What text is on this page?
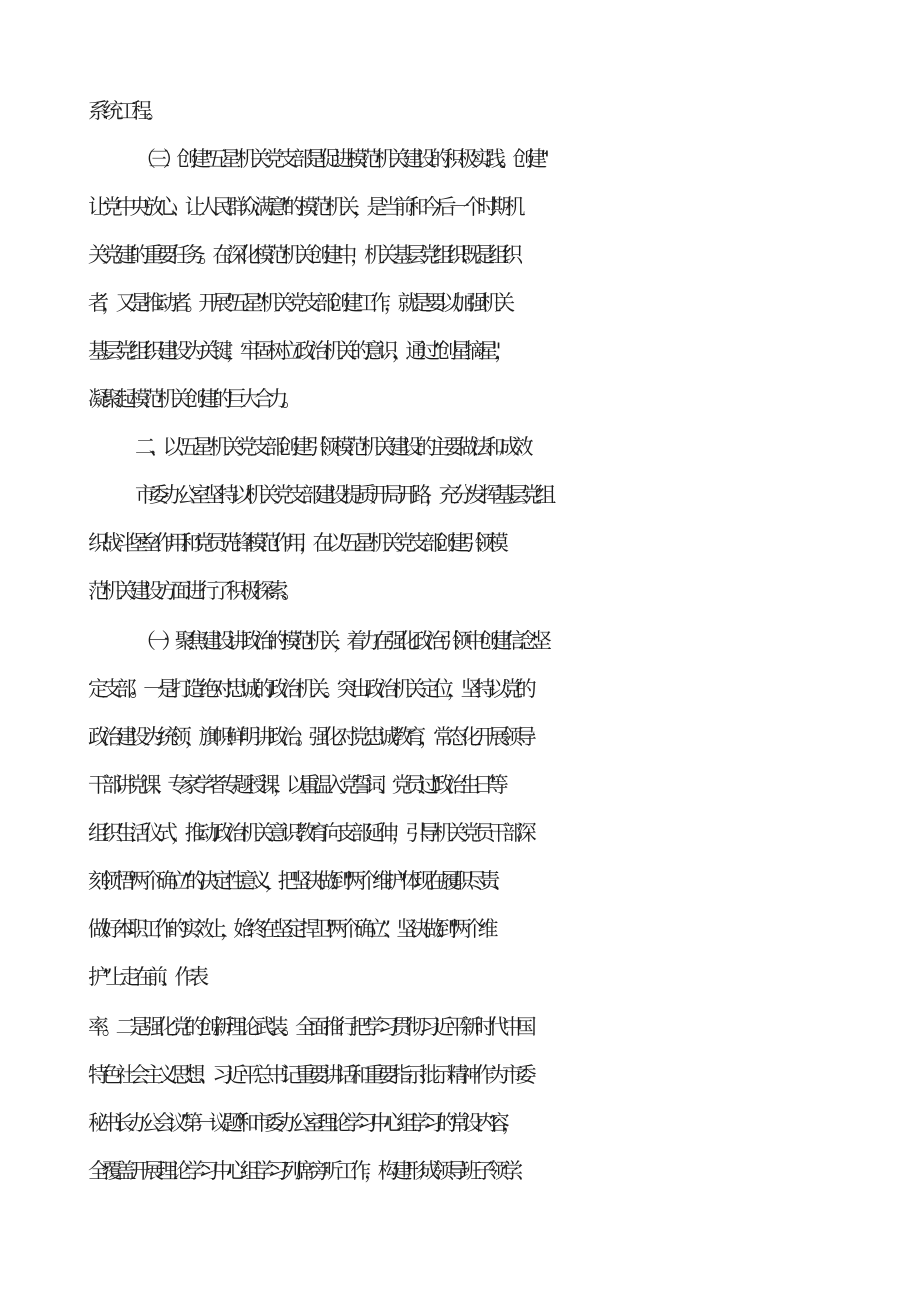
系统工程。
（三）创建"五星"机关党支部是促进模范机关建设的积极实践。创建"
让党中央放心、让人民群众满意"的模范机关，是当前和今后一个时期机
关党建的重要任务。在深化模范机关创建中，机关基层党组织既是组织
者，又是推动者。开展"五星”机关党支部创建工作，就是要以加强机关
基层党组织建设为关键，牢固树立政治机关的意识，通过“创星摘星"，
凝聚起模范机关创建的巨大合力。
二、以"五星"机关党支部创建引领模范机关建设的主要做法和成效
市委办公室坚持以机关党支部建设提质开局开路，充分发挥基层党组
织战斗堡垒作用和党员先锋模范作用，在以"五星"机关党支部创建引领模
范机关建设方面进行了积极探索。
（一）聚焦建设讲政治的模范机关，着力在强化政治引领中创建信念坚
定支部。一是打造绝对忠诚的政治机关。突出政治机关定位，坚持以党的
政治建设为统领，旗帜鲜明讲政治。强化对党忠诚教育，常态化开展领导
干部讲党课、专家学者专题授课，以重温入党誓词、党员过"政治生日"等
组织生活仪式，推动政治机关意识教育向支部延伸，引导机关党员干部深
刻领悟"两个确立”的决定性意义，把坚决做到"两个维护"体现在履职尽责、
做好本职工作的实效上，始终在坚定捍卫"两个确立”、坚决做到"两个维
护”上走在前、作表
率。二是强化党的创新理论武装。全面推行把学习贯彻习近平新时代中国
特色社会主义思想、习近平总书记重要讲话和重要指示批示精神作为市委
秘书长办公会议"第一议题”和市委办公室理论学习中心组学习的常设内容，
全覆盖开展理论学习中心组学习列席旁听工作，构建形成领导班子领学、
